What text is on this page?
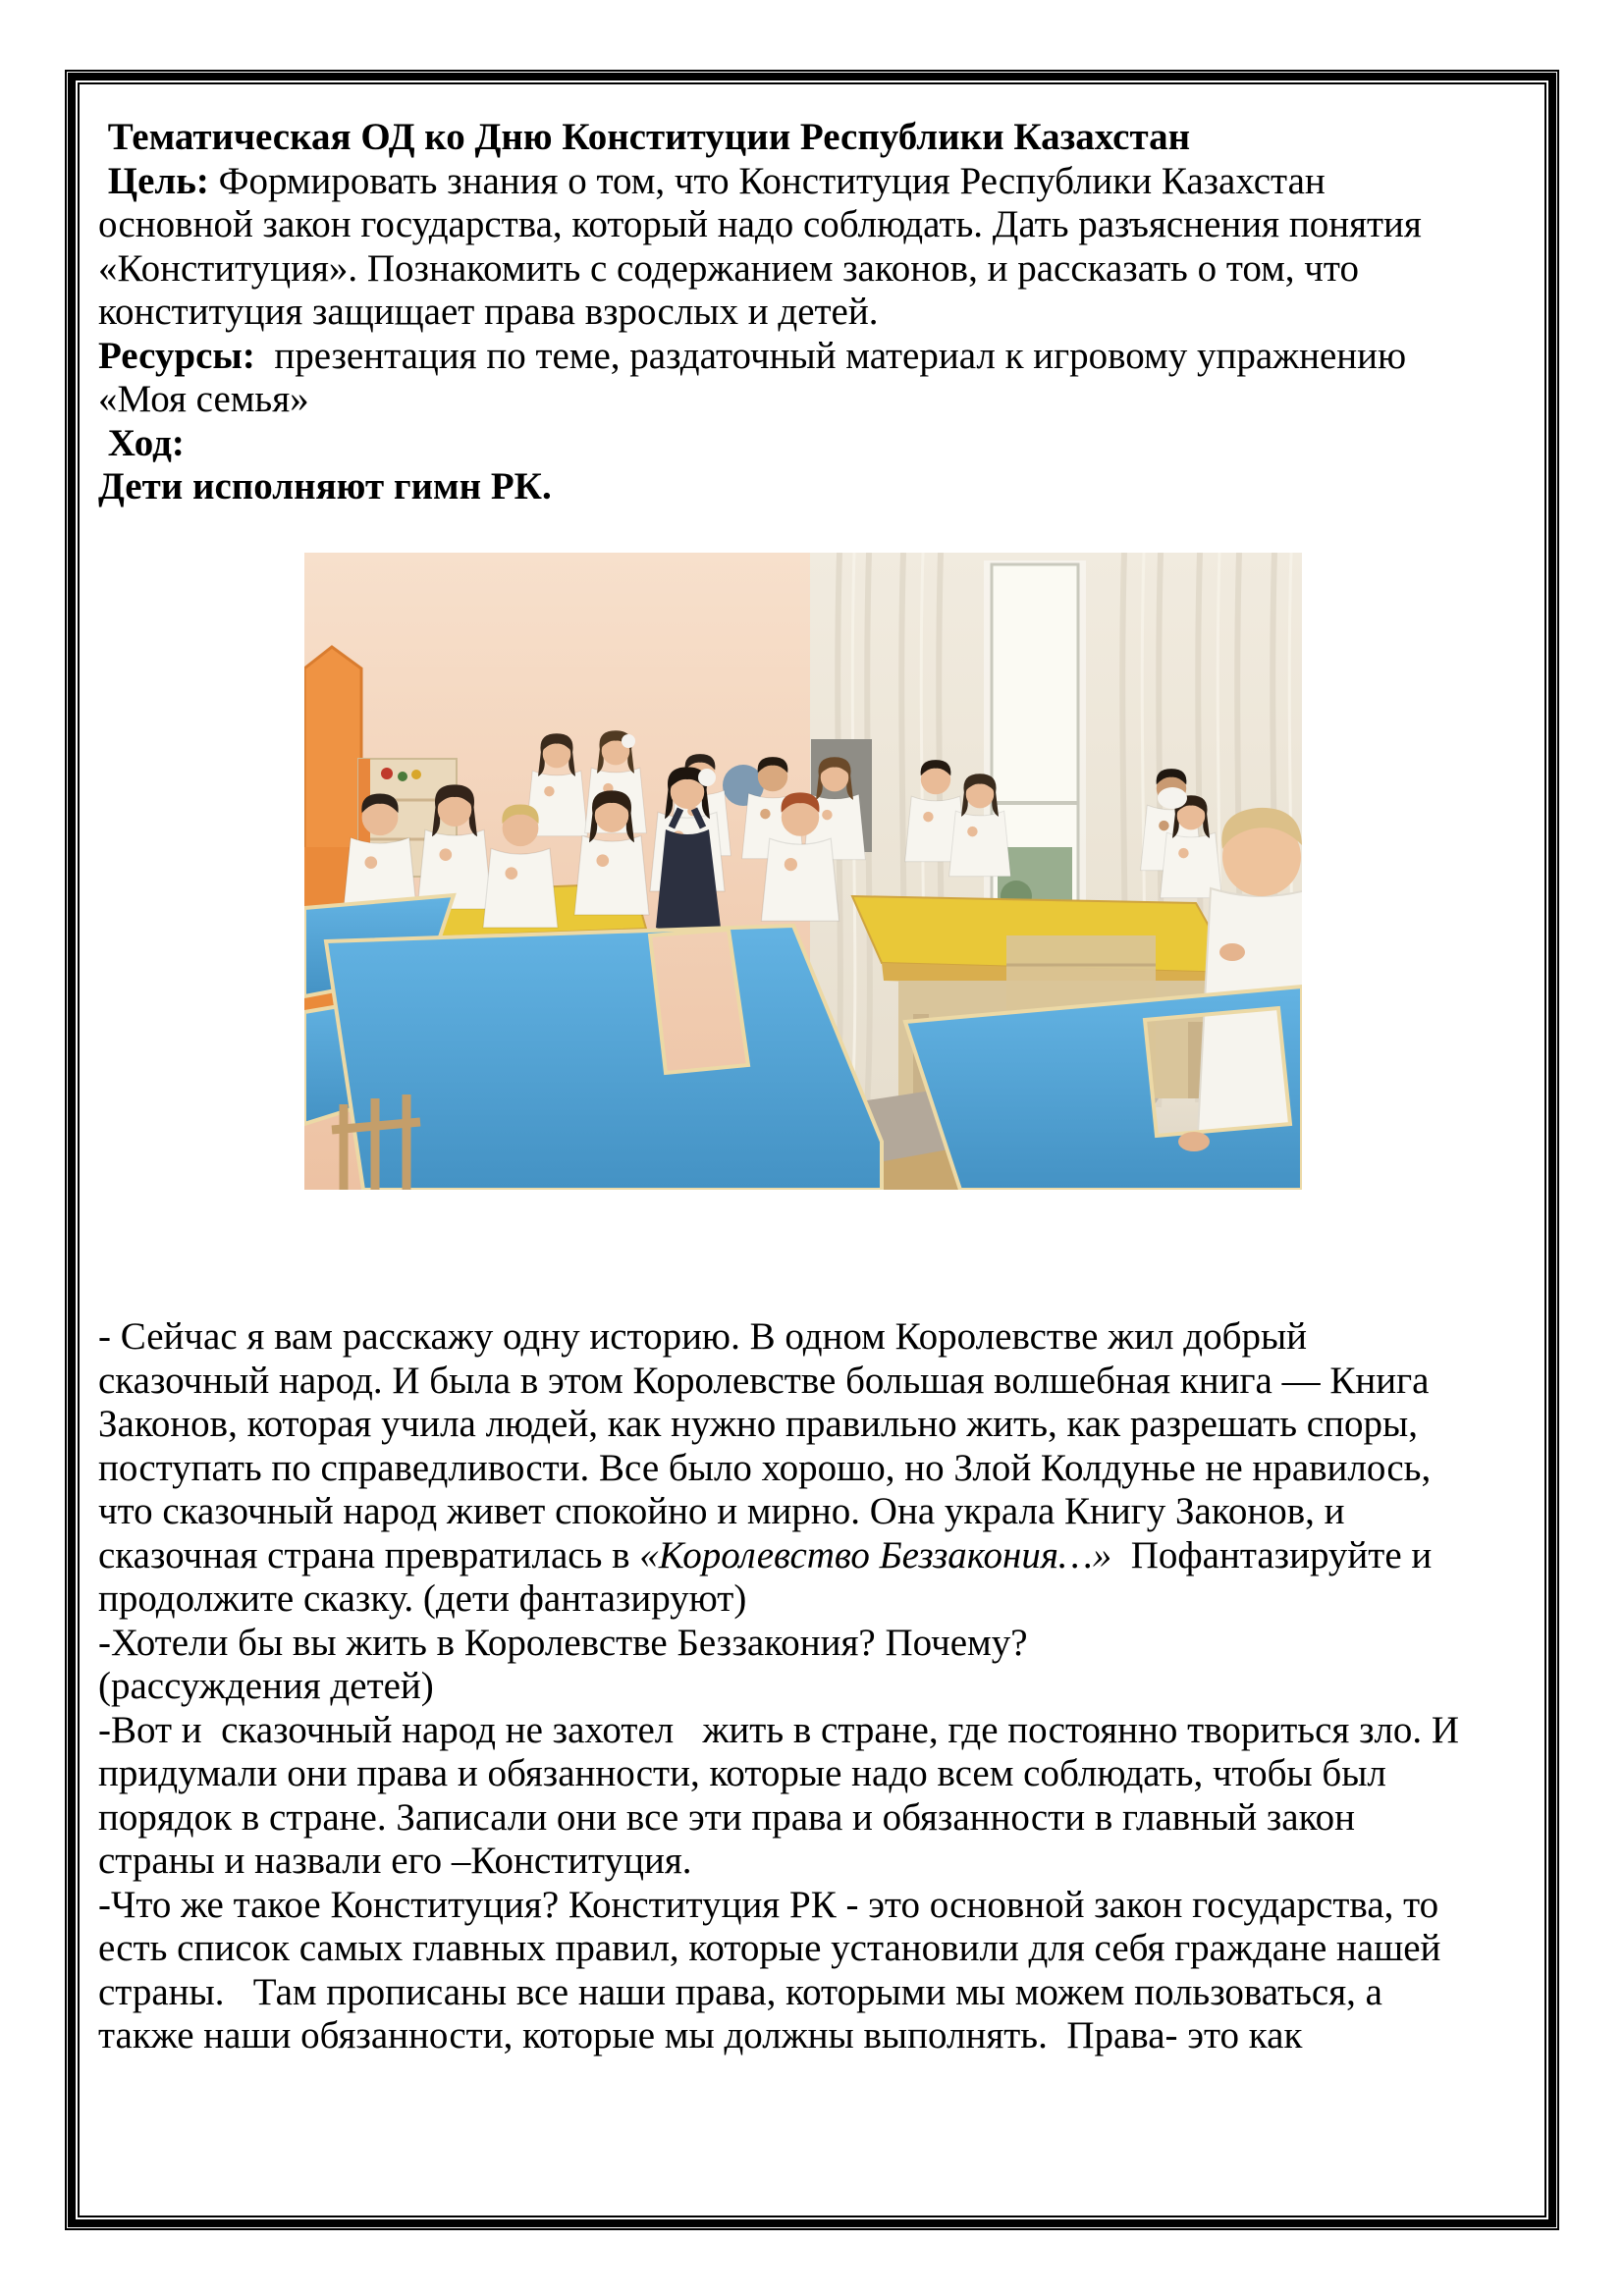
Тематическая ОД ко Дню Конституции Республики Казахстан
Цель: Формировать знания о том, что Конституция Республики Казахстан
основной закон государства, который надо соблюдать. Дать разъяснения понятия
«Конституция». Познакомить с содержанием законов, и рассказать о том, что
конституция защищает права взрослых и детей.
Ресурсы:  презентация по теме, раздаточный материал к игровому упражнению
«Моя семья»
Ход:
Дети исполняют гимн РК.
- Сейчас я вам расскажу одну историю. В одном Королевстве жил добрый
сказочный народ. И была в этом Королевстве большая волшебная книга — Книга
Законов, которая учила людей, как нужно правильно жить, как разрешать споры,
поступать по справедливости. Все было хорошо, но Злой Колдунье не нравилось,
что сказочный народ живет спокойно и мирно. Она украла Книгу Законов, и
сказочная страна превратилась в «Королевство Беззакония…»  Пофантазируйте и
продолжите сказку. (дети фантазируют)
-Хотели бы вы жить в Королевстве Беззакония? Почему?
(рассуждения детей)
-Вот и  сказочный народ не захотел   жить в стране, где постоянно твориться зло. И
придумали они права и обязанности, которые надо всем соблюдать, чтобы был
порядок в стране. Записали они все эти права и обязанности в главный закон
страны и назвали его –Конституция.
-Что же такое Конституция? Конституция РК - это основной закон государства, то
есть список самых главных правил, которые установили для себя граждане нашей
страны.   Там прописаны все наши права, которыми мы можем пользоваться, а
также наши обязанности, которые мы должны выполнять.  Права- это как
